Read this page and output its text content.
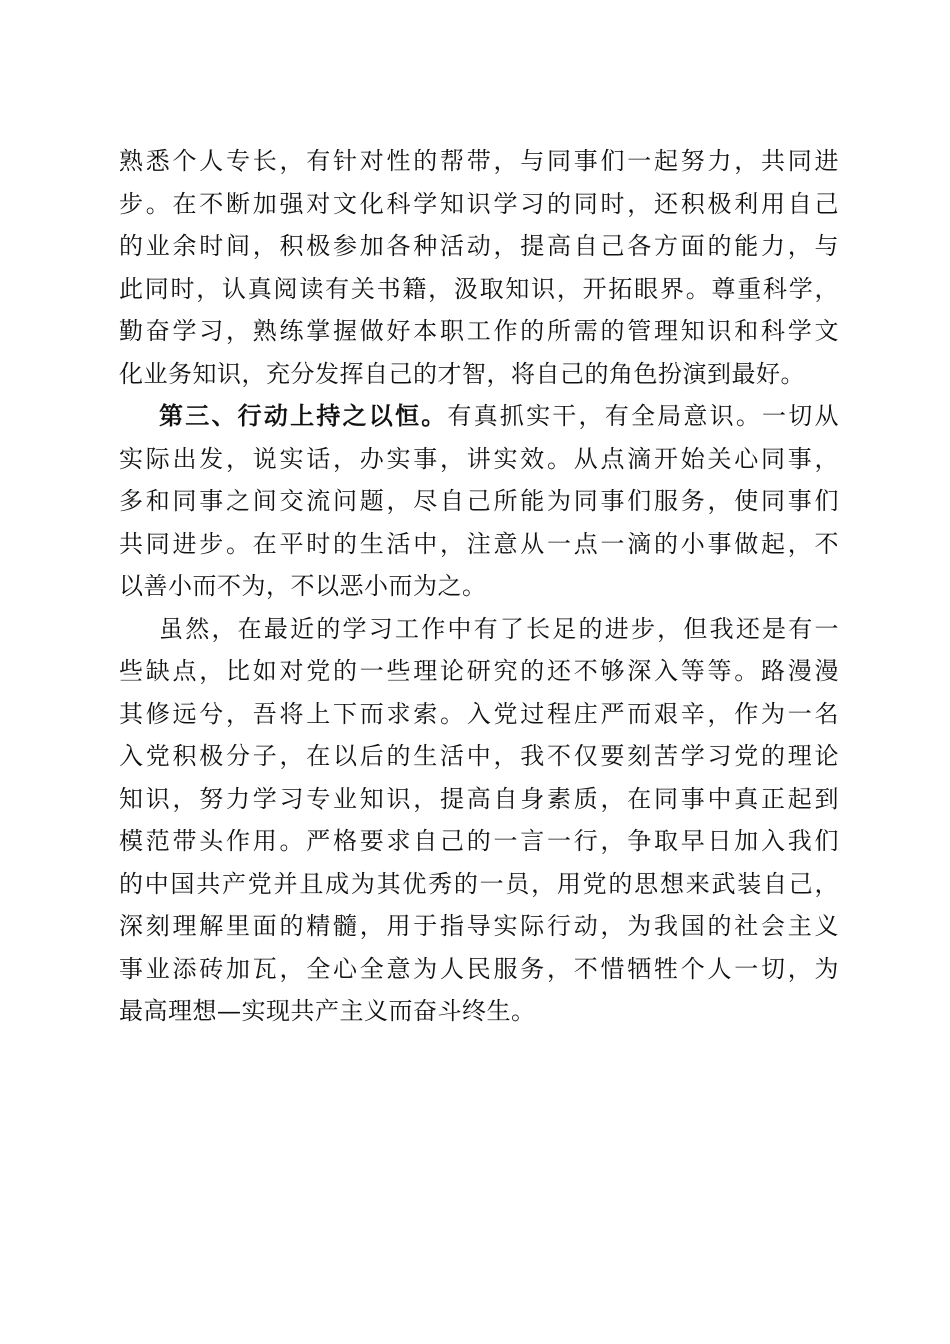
熟悉个人专长，有针对性的帮带，与同事们一起努力，共同进
步。在不断加强对文化科学知识学习的同时，还积极利用自己
的业余时间，积极参加各种活动，提高自己各方面的能力，与
此同时，认真阅读有关书籍，汲取知识，开拓眼界。尊重科学，
勤奋学习，熟练掌握做好本职工作的所需的管理知识和科学文
化业务知识，充分发挥自己的才智，将自己的角色扮演到最好。
第三、行动上持之以恒。有真抓实干，有全局意识。一切从
实际出发，说实话，办实事，讲实效。从点滴开始关心同事，
多和同事之间交流问题，尽自己所能为同事们服务，使同事们
共同进步。在平时的生活中，注意从一点一滴的小事做起，不
以善小而不为，不以恶小而为之。
虽然，在最近的学习工作中有了长足的进步，但我还是有一
些缺点，比如对党的一些理论研究的还不够深入等等。路漫漫
其修远兮，吾将上下而求索。入党过程庄严而艰辛，作为一名
入党积极分子，在以后的生活中，我不仅要刻苦学习党的理论
知识，努力学习专业知识，提高自身素质，在同事中真正起到
模范带头作用。严格要求自己的一言一行，争取早日加入我们
的中国共产党并且成为其优秀的一员，用党的思想来武装自己，
深刻理解里面的精髓，用于指导实际行动，为我国的社会主义
事业添砖加瓦，全心全意为人民服务，不惜牺牲个人一切，为
最高理想—实现共产主义而奋斗终生。
